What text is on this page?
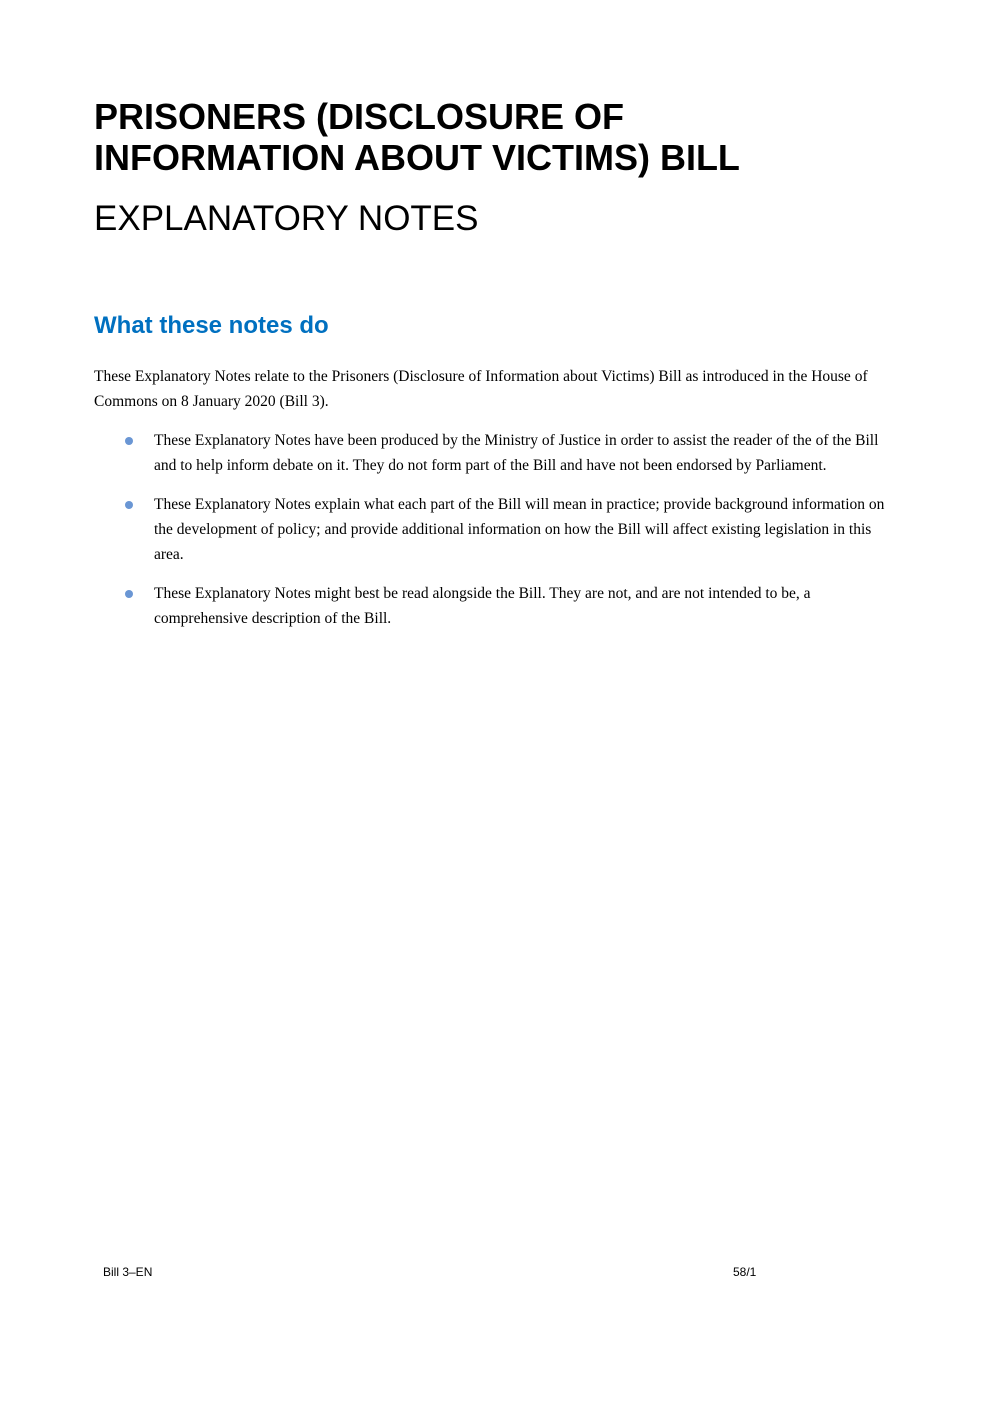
PRISONERS (DISCLOSURE OF
INFORMATION ABOUT VICTIMS) BILL
EXPLANATORY NOTES
What these notes do

These Explanatory Notes relate to the Prisoners (Disclosure of Information about Victims) Bill as introduced in the House of Commons on 8 January 2020 (Bill 3).

These Explanatory Notes have been produced by the Ministry of Justice in order to assist the reader of the of the Bill and to help inform debate on it. They do not form part of the Bill and have not been endorsed by Parliament.
These Explanatory Notes explain what each part of the Bill will mean in practice; provide background information on the development of policy; and provide additional information on how the Bill will affect existing legislation in this area.
These Explanatory Notes might best be read alongside the Bill. They are not, and are not intended to be, a comprehensive description of the Bill.
Bill 3–EN	58/1
